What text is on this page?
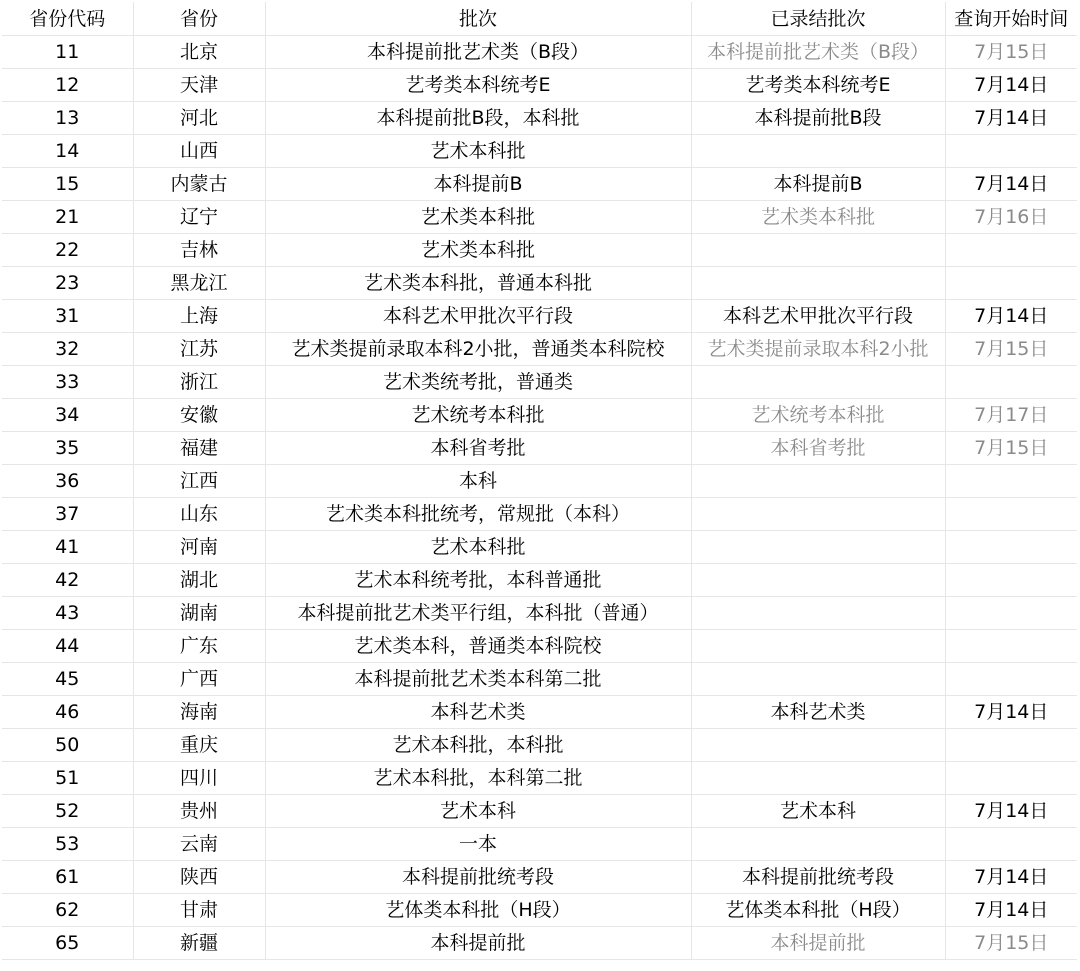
省份代码	省份	批次	已录结批次	查询开始时间
11	北京	本科提前批艺术类（B段）	本科提前批艺术类（B段）	7月15日
12	天津	艺考类本科统考E	艺考类本科统考E	7月14日
13	河北	本科提前批B段，本科批	本科提前批B段	7月14日
14	山西	艺术本科批		
15	内蒙古	本科提前B	本科提前B	7月14日
21	辽宁	艺术类本科批	艺术类本科批	7月16日
22	吉林	艺术类本科批		
23	黑龙江	艺术类本科批，普通本科批		
31	上海	本科艺术甲批次平行段	本科艺术甲批次平行段	7月14日
32	江苏	艺术类提前录取本科2小批，普通类本科院校	艺术类提前录取本科2小批	7月15日
33	浙江	艺术类统考批，普通类		
34	安徽	艺术统考本科批	艺术统考本科批	7月17日
35	福建	本科省考批	本科省考批	7月15日
36	江西	本科		
37	山东	艺术类本科批统考，常规批（本科）		
41	河南	艺术本科批		
42	湖北	艺术本科统考批，本科普通批		
43	湖南	本科提前批艺术类平行组，本科批（普通）		
44	广东	艺术类本科，普通类本科院校		
45	广西	本科提前批艺术类本科第二批		
46	海南	本科艺术类	本科艺术类	7月14日
50	重庆	艺术本科批，本科批		
51	四川	艺术本科批，本科第二批		
52	贵州	艺术本科	艺术本科	7月14日
53	云南	一本		
61	陕西	本科提前批统考段	本科提前批统考段	7月14日
62	甘肃	艺体类本科批（H段）	艺体类本科批（H段）	7月14日
65	新疆	本科提前批	本科提前批	7月15日
